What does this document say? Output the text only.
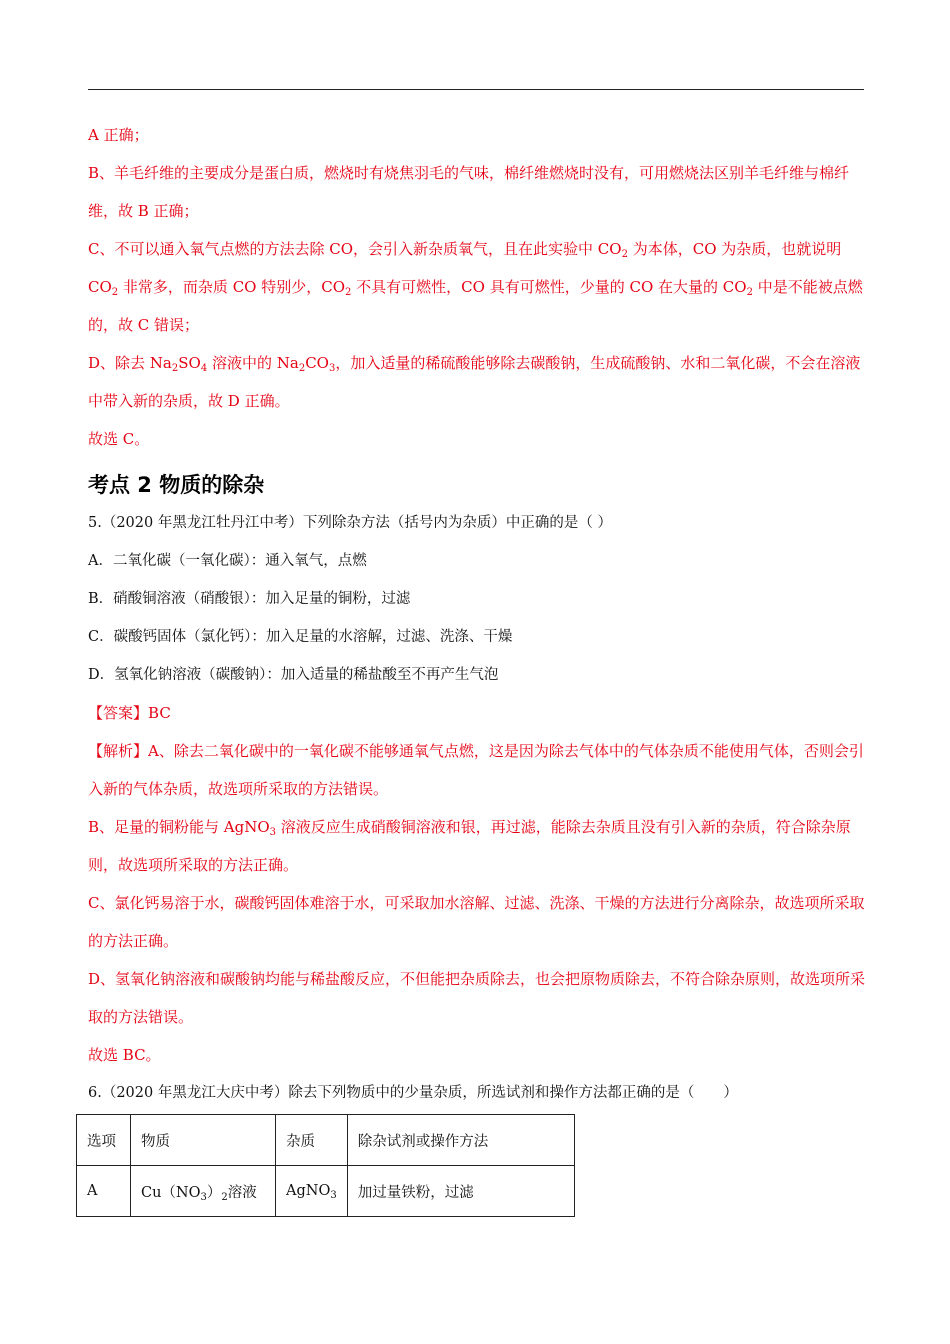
A 正确；

B、羊毛纤维的主要成分是蛋白质，燃烧时有烧焦羽毛的气味，棉纤维燃烧时没有，可用燃烧法区别羊毛纤维与棉纤维，故 B 正确；

C、不可以通入氧气点燃的方法去除 CO，会引入新杂质氧气，且在此实验中 $CO_2$ 为本体，CO 为杂质，也就说明 $CO_2$ 非常多，而杂质 CO 特别少，$CO_2$ 不具有可燃性，CO 具有可燃性，少量的 CO 在大量的 $CO_2$ 中是不能被点燃的，故 C 错误；

D、除去 $Na_2SO_4$ 溶液中的 $Na_2CO_3$，加入适量的稀硫酸能够除去碳酸钠，生成硫酸钠、水和二氧化碳，不会在溶液中带入新的杂质，故 D 正确。

故选 C。

考点 2 物质的除杂

5.（2020 年黑龙江牡丹江中考）下列除杂方法（括号内为杂质）中正确的是（ ）

A．二氧化碳（一氧化碳）：通入氧气，点燃

B．硝酸铜溶液（硝酸银）：加入足量的铜粉，过滤

C．碳酸钙固体（氯化钙）：加入足量的水溶解，过滤、洗涤、干燥

D．氢氧化钠溶液（碳酸钠）：加入适量的稀盐酸至不再产生气泡

【答案】BC

【解析】A、除去二氧化碳中的一氧化碳不能够通氧气点燃，这是因为除去气体中的气体杂质不能使用气体，否则会引入新的气体杂质，故选项所采取的方法错误。

B、足量的铜粉能与 AgNO$_3$ 溶液反应生成硝酸铜溶液和银，再过滤，能除去杂质且没有引入新的杂质，符合除杂原则，故选项所采取的方法正确。

C、氯化钙易溶于水，碳酸钙固体难溶于水，可采取加水溶解、过滤、洗涤、干燥的方法进行分离除杂，故选项所采取的方法正确。

D、氢氧化钠溶液和碳酸钠均能与稀盐酸反应，不但能把杂质除去，也会把原物质除去，不符合除杂原则，故选项所采取的方法错误。

故选 BC。

6.（2020 年黑龙江大庆中考）除去下列物质中的少量杂质，所选试剂和操作方法都正确的是（　　）

选项	物质	杂质	除杂试剂或操作方法
A	$Cu(NO_3)_2$溶液	AgNO$_3$	加过量铁粉，过滤
